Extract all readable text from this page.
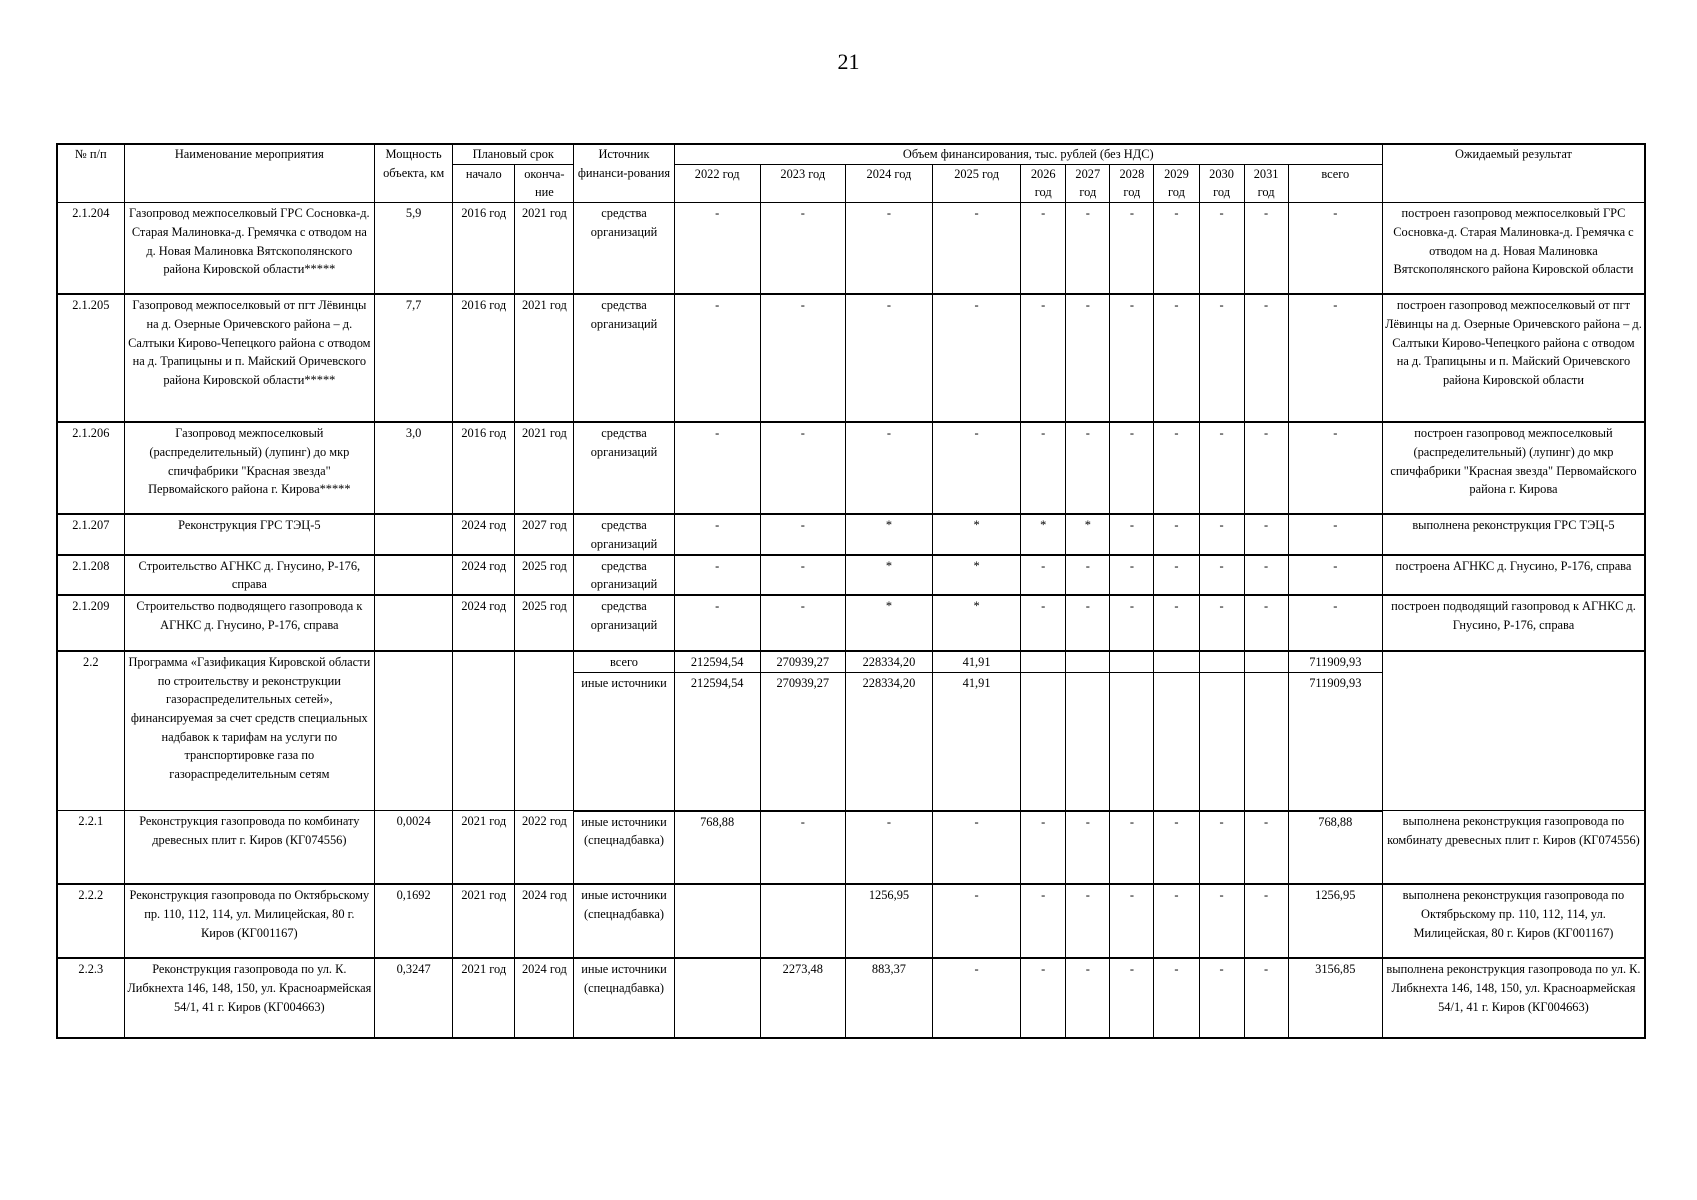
21
№ п/п	Наименование мероприятия	Мощность объекта, км	Плановый срок		Источник финанси-рования	Объем финансирования, тыс. рублей (без НДС)											Ожидаемый результат
			начало	оконча-ние		2022 год	2023 год	2024 год	2025 год	2026 год	2027 год	2028 год	2029 год	2030 год	2031 год	всего	
2.1.204	Газопровод межпоселковый ГРС Сосновка-д. Старая Малиновка-д. Гремячка с отводом на д. Новая Малиновка Вятскополянского района Кировской области*****	5,9	2016 год	2021 год	средства организаций	-	-	-	-	-	-	-	-	-	-	-	построен газопровод межпоселковый ГРС Сосновка-д. Старая Малиновка-д. Гремячка с отводом на д. Новая Малиновка Вятскополянского района Кировской области
2.1.205	Газопровод межпоселковый от пгт Лёвинцы на д. Озерные Оричевского района – д. Салтыки Кирово-Чепецкого района с отводом на д. Трапицыны и п. Майский Оричевского района Кировской области*****	7,7	2016 год	2021 год	средства организаций	-	-	-	-	-	-	-	-	-	-	-	построен газопровод межпоселковый от пгт Лёвинцы на д. Озерные Оричевского района – д. Салтыки Кирово-Чепецкого района с отводом на д. Трапицыны и п. Майский Оричевского района Кировской области
2.1.206	Газопровод межпоселковый (распределительный) (лупинг) до мкр спичфабрики "Красная звезда" Первомайского района г. Кирова*****	3,0	2016 год	2021 год	средства организаций	-	-	-	-	-	-	-	-	-	-	-	построен газопровод межпоселковый (распределительный) (лупинг) до мкр спичфабрики "Красная звезда" Первомайского района г. Кирова
2.1.207	Реконструкция ГРС ТЭЦ-5		2024 год	2027 год	средства организаций	-	-	*	*	*	*	-	-	-	-	-	выполнена реконструкция ГРС ТЭЦ-5
2.1.208	Строительство АГНКС д. Гнусино, Р-176, справа		2024 год	2025 год	средства организаций	-	-	*	*	-	-	-	-	-	-	-	построена АГНКС д. Гнусино, Р-176, справа
2.1.209	Строительство подводящего газопровода к АГНКС д. Гнусино, Р-176, справа		2024 год	2025 год	средства организаций	-	-	*	*	-	-	-	-	-	-	-	построен подводящий газопровод к АГНКС д. Гнусино, Р-176, справа
2.2	Программа «Газификация Кировской области по строительству и реконструкции газораспределительных сетей», финансируемая за счет средств специальных надбавок к тарифам на услуги по транспортировке газа по газораспределительным сетям				всего	212594,54	270939,27	228334,20	41,91							711909,93	
					иные источники	212594,54	270939,27	228334,20	41,91							711909,93	
2.2.1	Реконструкция газопровода по комбинату древесных плит г. Киров (КГ074556)	0,0024	2021 год	2022 год	иные источники (спецнадбавка)	768,88	-	-	-	-	-	-	-	-	-	768,88	выполнена реконструкция газопровода по комбинату древесных плит г. Киров (КГ074556)
2.2.2	Реконструкция газопровода по Октябрьскому пр. 110, 112, 114, ул. Милицейская, 80 г. Киров (КГ001167)	0,1692	2021 год	2024 год	иные источники (спецнадбавка)			1256,95	-	-	-	-	-	-	-	1256,95	выполнена реконструкция газопровода по Октябрьскому пр. 110, 112, 114, ул. Милицейская, 80 г. Киров (КГ001167)
2.2.3	Реконструкция газопровода по ул. К. Либкнехта 146, 148, 150, ул. Красноармейская 54/1, 41 г. Киров (КГ004663)	0,3247	2021 год	2024 год	иные источники (спецнадбавка)		2273,48	883,37	-	-	-	-	-	-	-	3156,85	выполнена реконструкция газопровода по ул. К. Либкнехта 146, 148, 150, ул. Красноармейская 54/1, 41 г. Киров (КГ004663)
